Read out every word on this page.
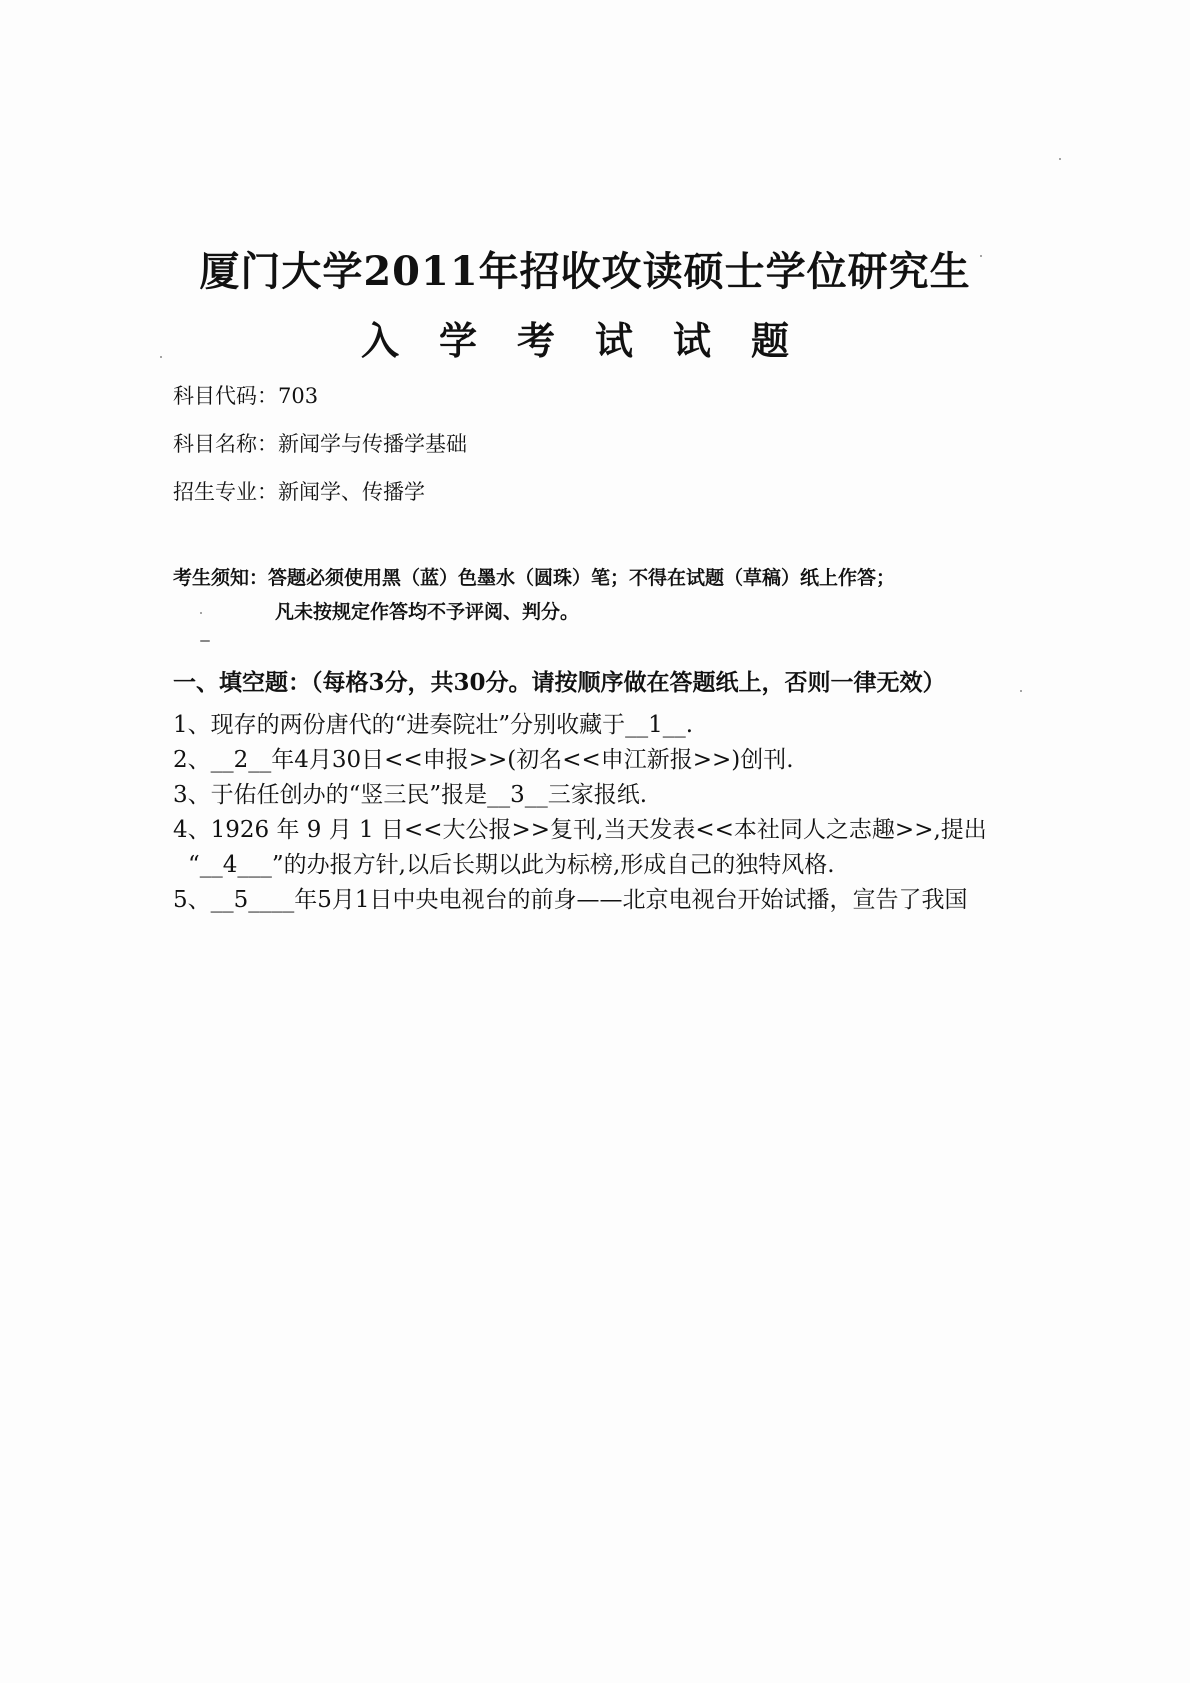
厦门大学2011年招收攻读硕士学位研究生
入学考试试题
科目代码：703
科目名称：新闻学与传播学基础
招生专业：新闻学、传播学
考生须知：答题必须使用黑（蓝）色墨水（圆珠）笔；不得在试题（草稿）纸上作答；
凡未按规定作答均不予评阅、判分。
一、填空题：（每格3分，共30分。请按顺序做在答题纸上，否则一律无效）
1、现存的两份唐代的“进奏院壮”分别收藏于__1__.
2、__2__年4月30日<<申报>>(初名<<申江新报>>)创刊.
3、于佑任创办的“竖三民”报是__3__三家报纸.
4、1926 年 9 月 1 日<<大公报>>复刊,当天发表<<本社同人之志趣>>,提出
“__4___”的办报方针,以后长期以此为标榜,形成自己的独特风格.
5、__5____年5月1日中央电视台的前身——北京电视台开始试播，宣告了我国
